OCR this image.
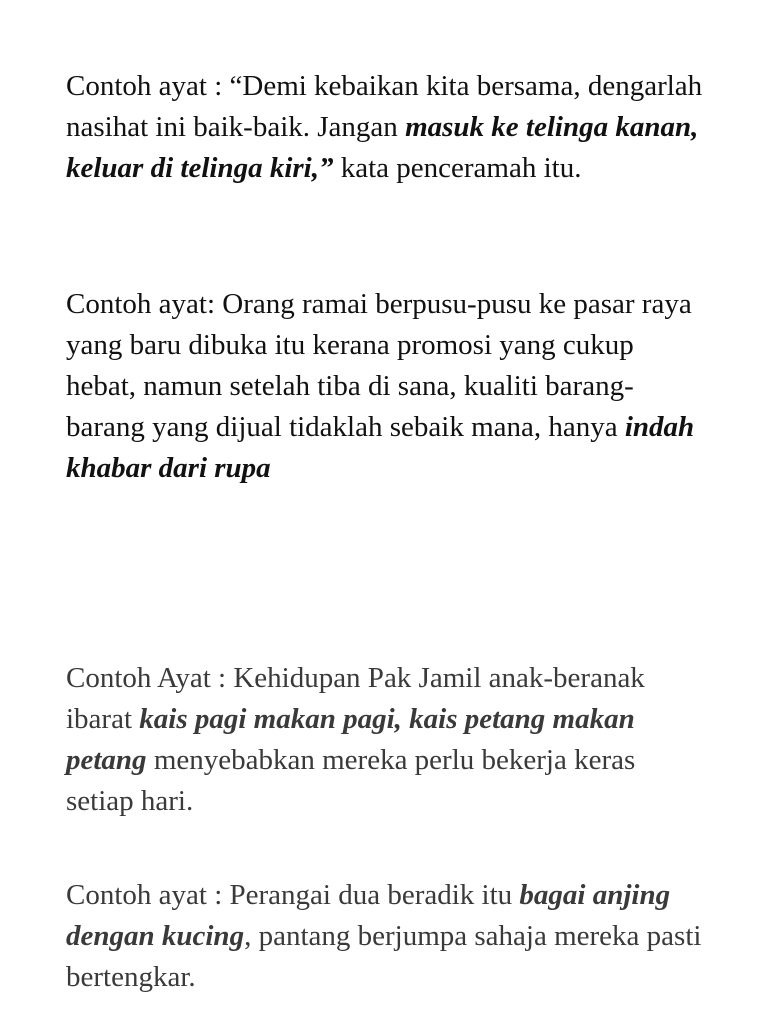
Contoh ayat : “Demi kebaikan kita bersama, dengarlah nasihat ini baik-baik. Jangan masuk ke telinga kanan, keluar di telinga kiri,” kata penceramah itu.

Contoh ayat: Orang ramai berpusu-pusu ke pasar raya yang baru dibuka itu kerana promosi yang cukup hebat, namun setelah tiba di sana, kualiti barang-barang yang dijual tidaklah sebaik mana, hanya indah khabar dari rupa

Contoh Ayat : Kehidupan Pak Jamil anak-beranak ibarat kais pagi makan pagi, kais petang makan petang menyebabkan mereka perlu bekerja keras setiap hari.

Contoh ayat : Perangai dua beradik itu bagai anjing dengan kucing, pantang berjumpa sahaja mereka pasti bertengkar.
